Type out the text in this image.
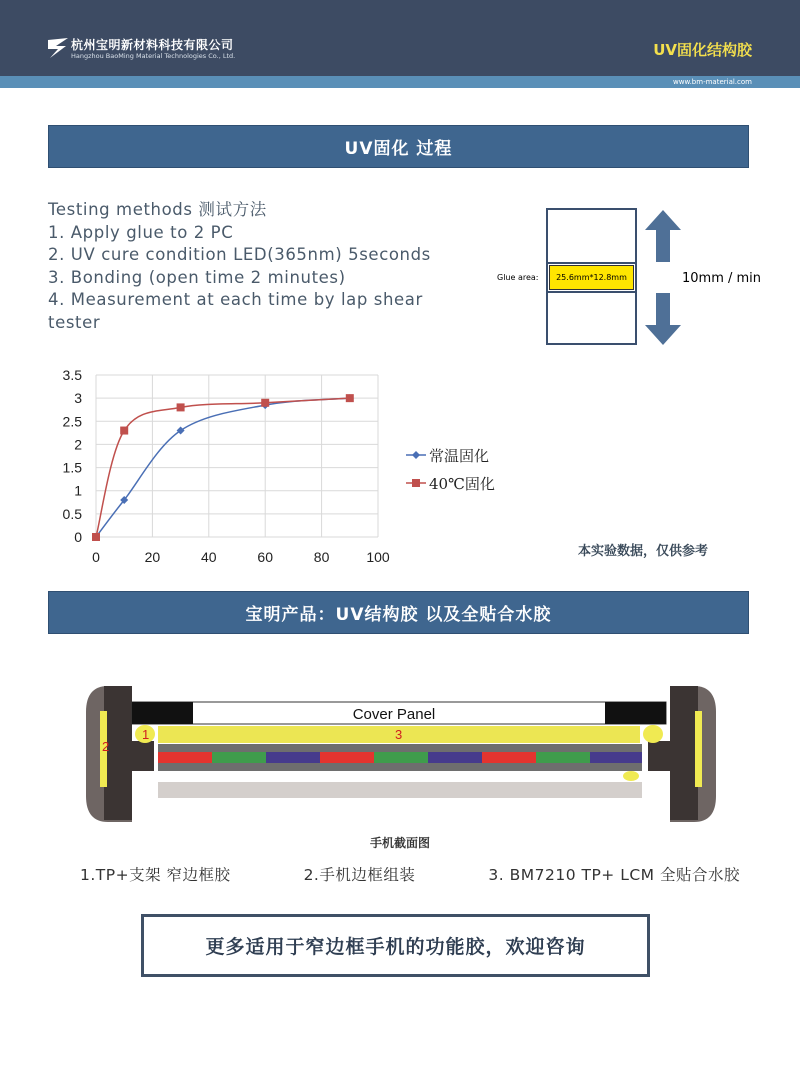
杭州宝明新材料科技有限公司
Hangzhou BaoMing Material Technologies Co., Ltd.	UV固化结构胶
www.bm-material.com
UV固化 过程
Testing methods 测试方法
1. Apply glue to 2 PC
2. UV cure condition LED(365nm) 5seconds
3. Bonding (open time 2 minutes)
4. Measurement at each time by lap shear
tester
25.6mm*12.8mm
Glue area:	10mm / min
0
0.5
1
1.5
2
2.5
3
3.5
0	20	40	60	80	100
常温固化
40℃固化
本实验数据，仅供参考
宝明产品：UV结构胶 以及全贴合水胶
Cover Panel
2
1	3
手机截面图
1.TP+支架 窄边框胶	2.手机边框组装	3. BM7210 TP+ LCM 全贴合水胶
更多适用于窄边框手机的功能胶，欢迎咨询
